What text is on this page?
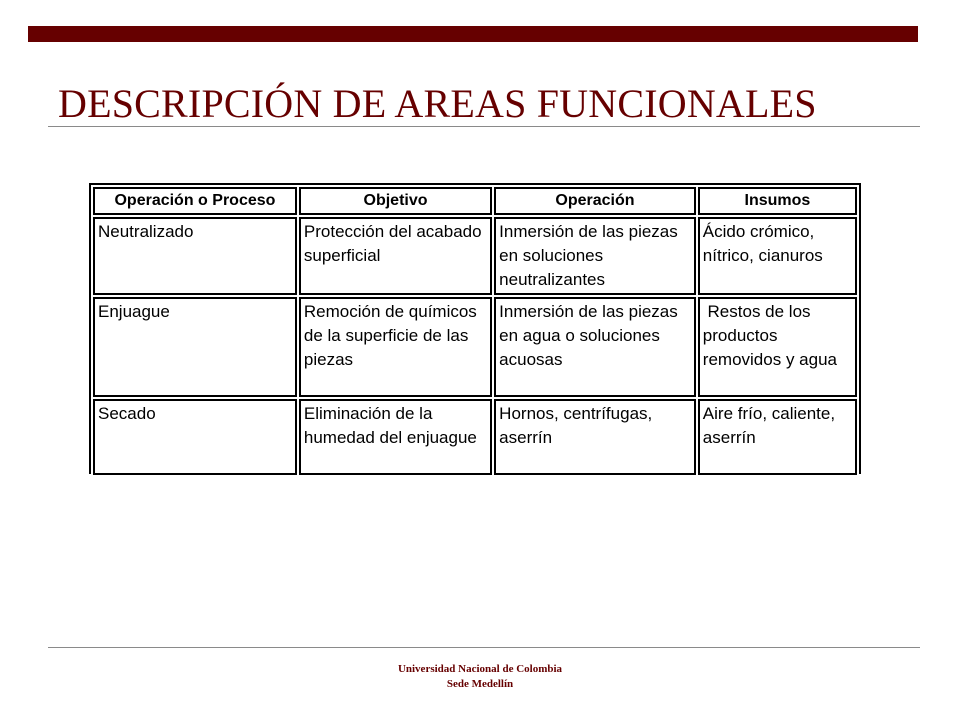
DESCRIPCIÓN DE AREAS FUNCIONALES
Operación o Proceso	Objetivo	Operación	Insumos
Neutralizado	Protección del acabado superficial	Inmersión de las piezas en soluciones neutralizantes	Ácido crómico, nítrico, cianuros
Enjuague	Remoción de químicos de la superficie de las piezas	Inmersión de las piezas en agua o soluciones acuosas	Restos de los productos removidos y agua
Secado	Eliminación de la humedad del enjuague	Hornos, centrífugas, aserrín	Aire frío, caliente, aserrín
Universidad Nacional de Colombia
Sede Medellín
